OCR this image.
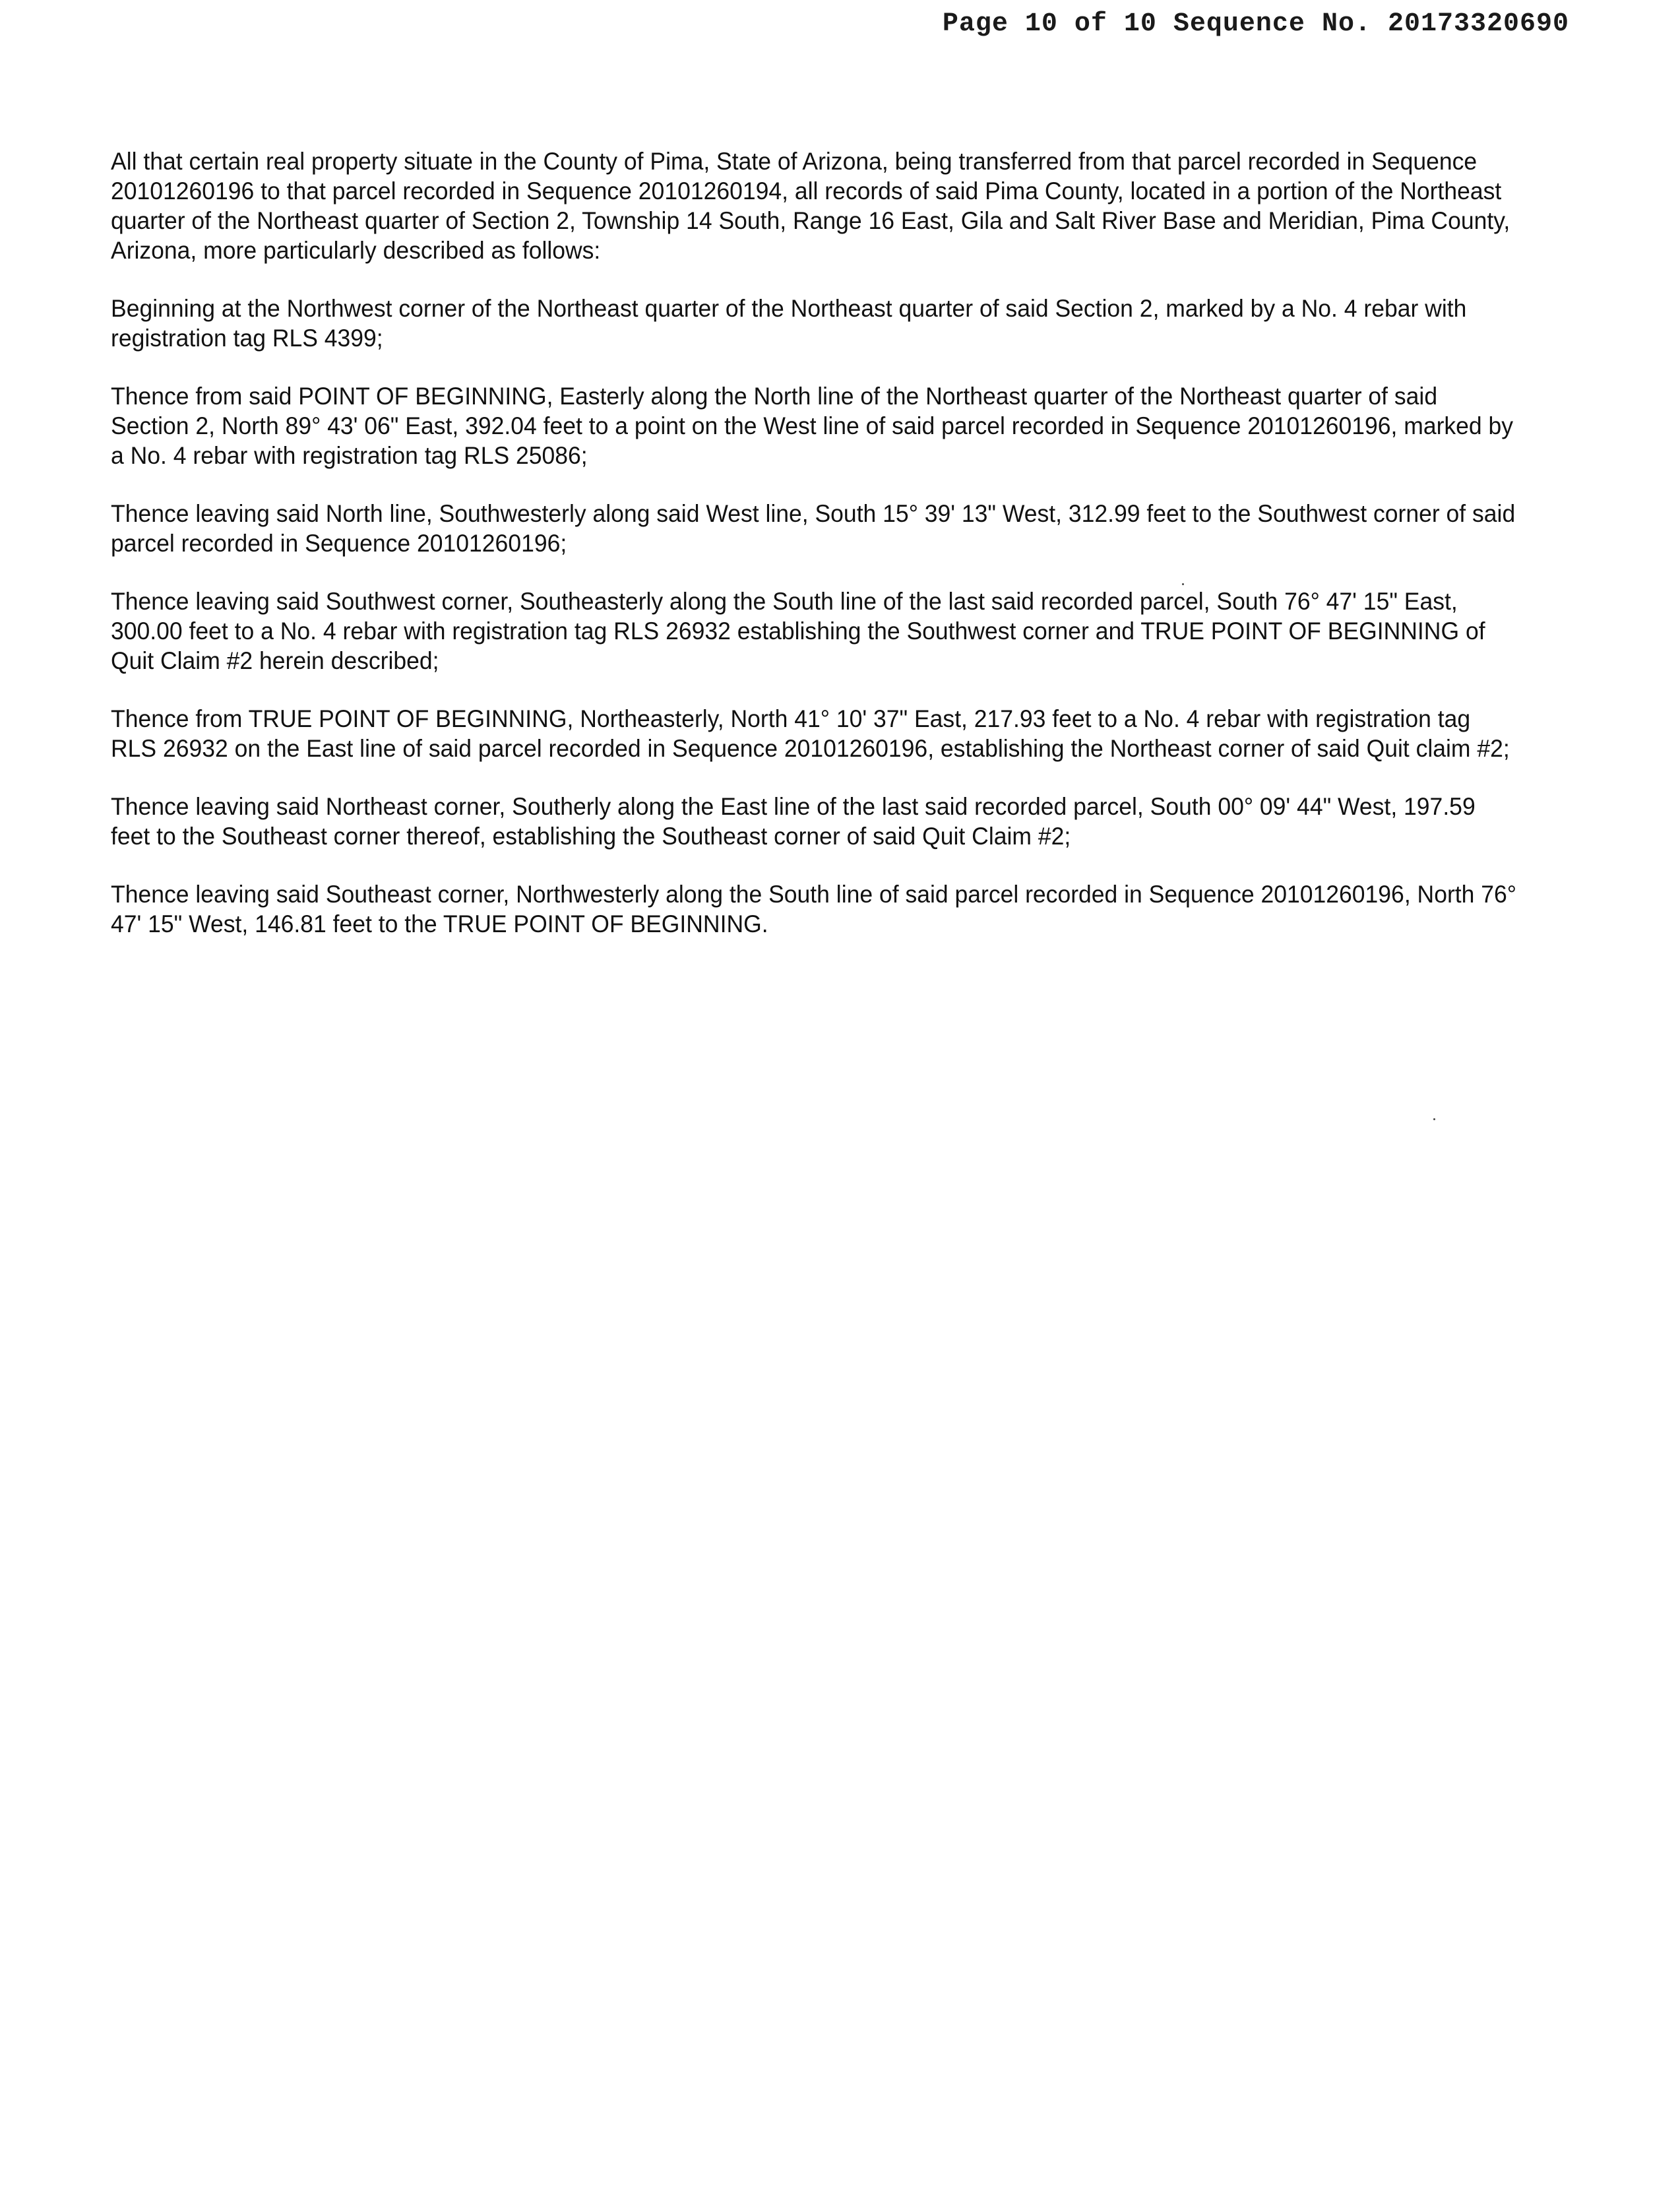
Page 10 of 10 Sequence No. 20173320690

All that certain real property situate in the County of Pima, State of Arizona, being transferred from that parcel recorded in Sequence 20101260196 to that parcel recorded in Sequence 20101260194, all records of said Pima County, located in a portion of the Northeast quarter of the Northeast quarter of Section 2, Township 14 South, Range 16 East, Gila and Salt River Base and Meridian, Pima County, Arizona, more particularly described as follows:

Beginning at the Northwest corner of the Northeast quarter of the Northeast quarter of said Section 2, marked by a No. 4 rebar with registration tag RLS 4399;

Thence from said POINT OF BEGINNING, Easterly along the North line of the Northeast quarter of the Northeast quarter of said Section 2, North 89° 43' 06" East, 392.04 feet to a point on the West line of said parcel recorded in Sequence 20101260196, marked by a No. 4 rebar with registration tag RLS 25086;

Thence leaving said North line, Southwesterly along said West line, South 15° 39' 13" West, 312.99 feet to the Southwest corner of said parcel recorded in Sequence 20101260196;

Thence leaving said Southwest corner, Southeasterly along the South line of the last said recorded parcel, South 76° 47' 15" East, 300.00 feet to a No. 4 rebar with registration tag RLS 26932 establishing the Southwest corner and TRUE POINT OF BEGINNING of Quit Claim #2 herein described;

Thence from TRUE POINT OF BEGINNING, Northeasterly, North 41° 10' 37" East, 217.93 feet to a No. 4 rebar with registration tag RLS 26932 on the East line of said parcel recorded in Sequence 20101260196, establishing the Northeast corner of said Quit claim #2;

Thence leaving said Northeast corner, Southerly along the East line of the last said recorded parcel, South 00° 09' 44" West, 197.59 feet to the Southeast corner thereof, establishing the Southeast corner of said Quit Claim #2;

Thence leaving said Southeast corner, Northwesterly along the South line of said parcel recorded in Sequence 20101260196, North 76° 47' 15" West, 146.81 feet to the TRUE POINT OF BEGINNING.
